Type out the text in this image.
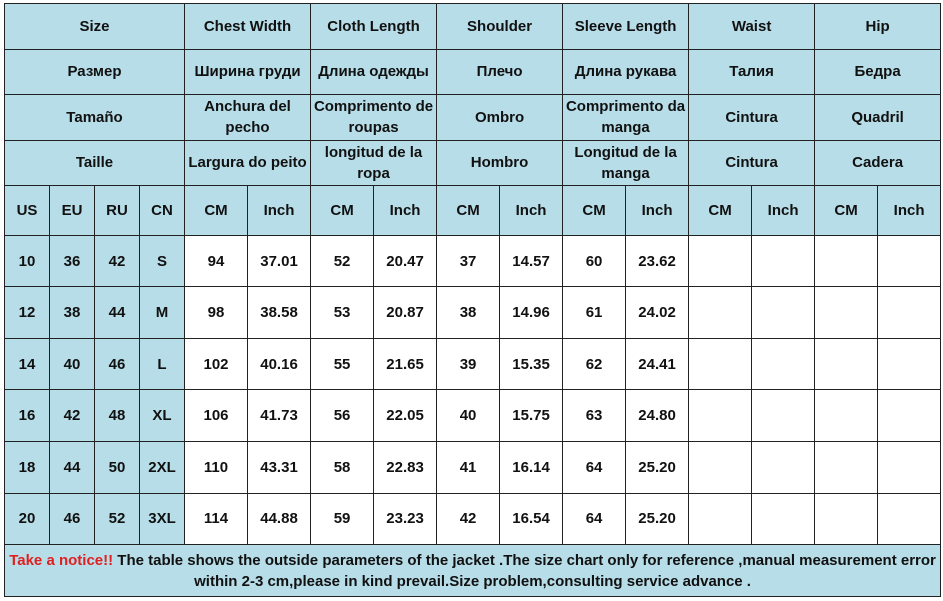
Size				Chest Width		Cloth Length		Shoulder		Sleeve Length		Waist		Hip	
Размер				Ширина груди		Длина одежды		Плечо		Длина рукава		Талия		Бедра	
Tamaño				Anchura del pecho		Comprimento de roupas		Ombro		Comprimento da manga		Cintura		Quadril	
Taille				Largura do peito		longitud de la ropa		Hombro		Longitud de la manga		Cintura		Cadera	
US	EU	RU	CN	CM	Inch	CM	Inch	CM	Inch	CM	Inch	CM	Inch	CM	Inch
10	36	42	S	94	37.01	52	20.47	37	14.57	60	23.62				
12	38	44	M	98	38.58	53	20.87	38	14.96	61	24.02				
14	40	46	L	102	40.16	55	21.65	39	15.35	62	24.41				
16	42	48	XL	106	41.73	56	22.05	40	15.75	63	24.80				
18	44	50	2XL	110	43.31	58	22.83	41	16.14	64	25.20				
20	46	52	3XL	114	44.88	59	23.23	42	16.54	64	25.20				
Take a notice!! The table shows the outside parameters of the jacket .The size chart only for reference ,manual measurement error within 2-3 cm,please in kind prevail.Size problem,consulting service advance .															
